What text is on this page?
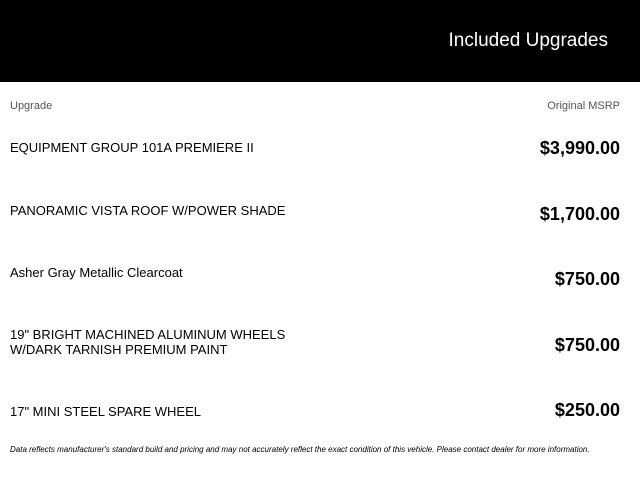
Included Upgrades
Upgrade	Original MSRP
EQUIPMENT GROUP 101A PREMIERE II	$3,990.00
PANORAMIC VISTA ROOF W/POWER SHADE	$1,700.00
Asher Gray Metallic Clearcoat	$750.00
19" BRIGHT MACHINED ALUMINUM WHEELS W/DARK TARNISH PREMIUM PAINT	$750.00
17" MINI STEEL SPARE WHEEL	$250.00
Data reflects manufacturer's standard build and pricing and may not accurately reflect the exact condition of this vehicle. Please contact dealer for more information.
